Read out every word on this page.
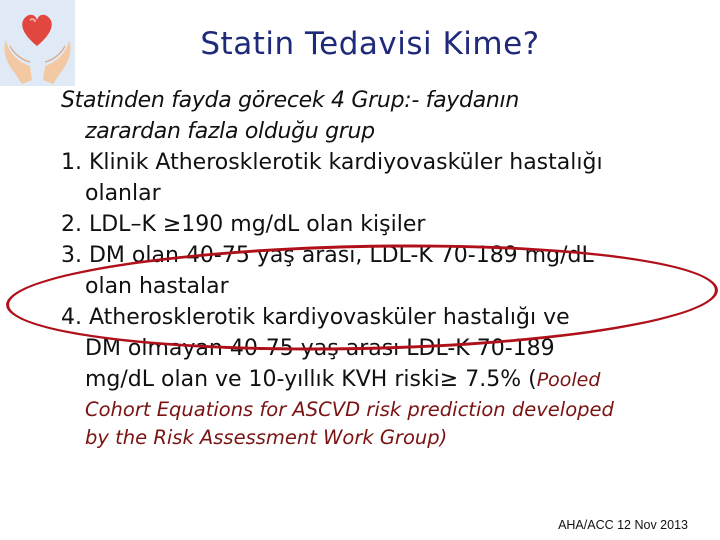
Statin Tedavisi Kime?
Statinden fayda görecek 4 Grup:- faydanın
zarardan fazla olduğu grup
1. Klinik Atherosklerotik kardiyovasküler hastalığı
olanlar
2. LDL–K ≥190 mg/dL olan kişiler
3. DM olan 40-75 yaş arası, LDL-K 70-189 mg/dL
olan hastalar
4. Atherosklerotik kardiyovasküler hastalığı ve
DM olmayan 40-75 yaş arası LDL-K 70-189
mg/dL olan ve 10-yıllık KVH riski≥ 7.5% (Pooled
Cohort Equations for ASCVD risk prediction developed
by the Risk Assessment Work Group)
AHA/ACC 12 Nov 2013
